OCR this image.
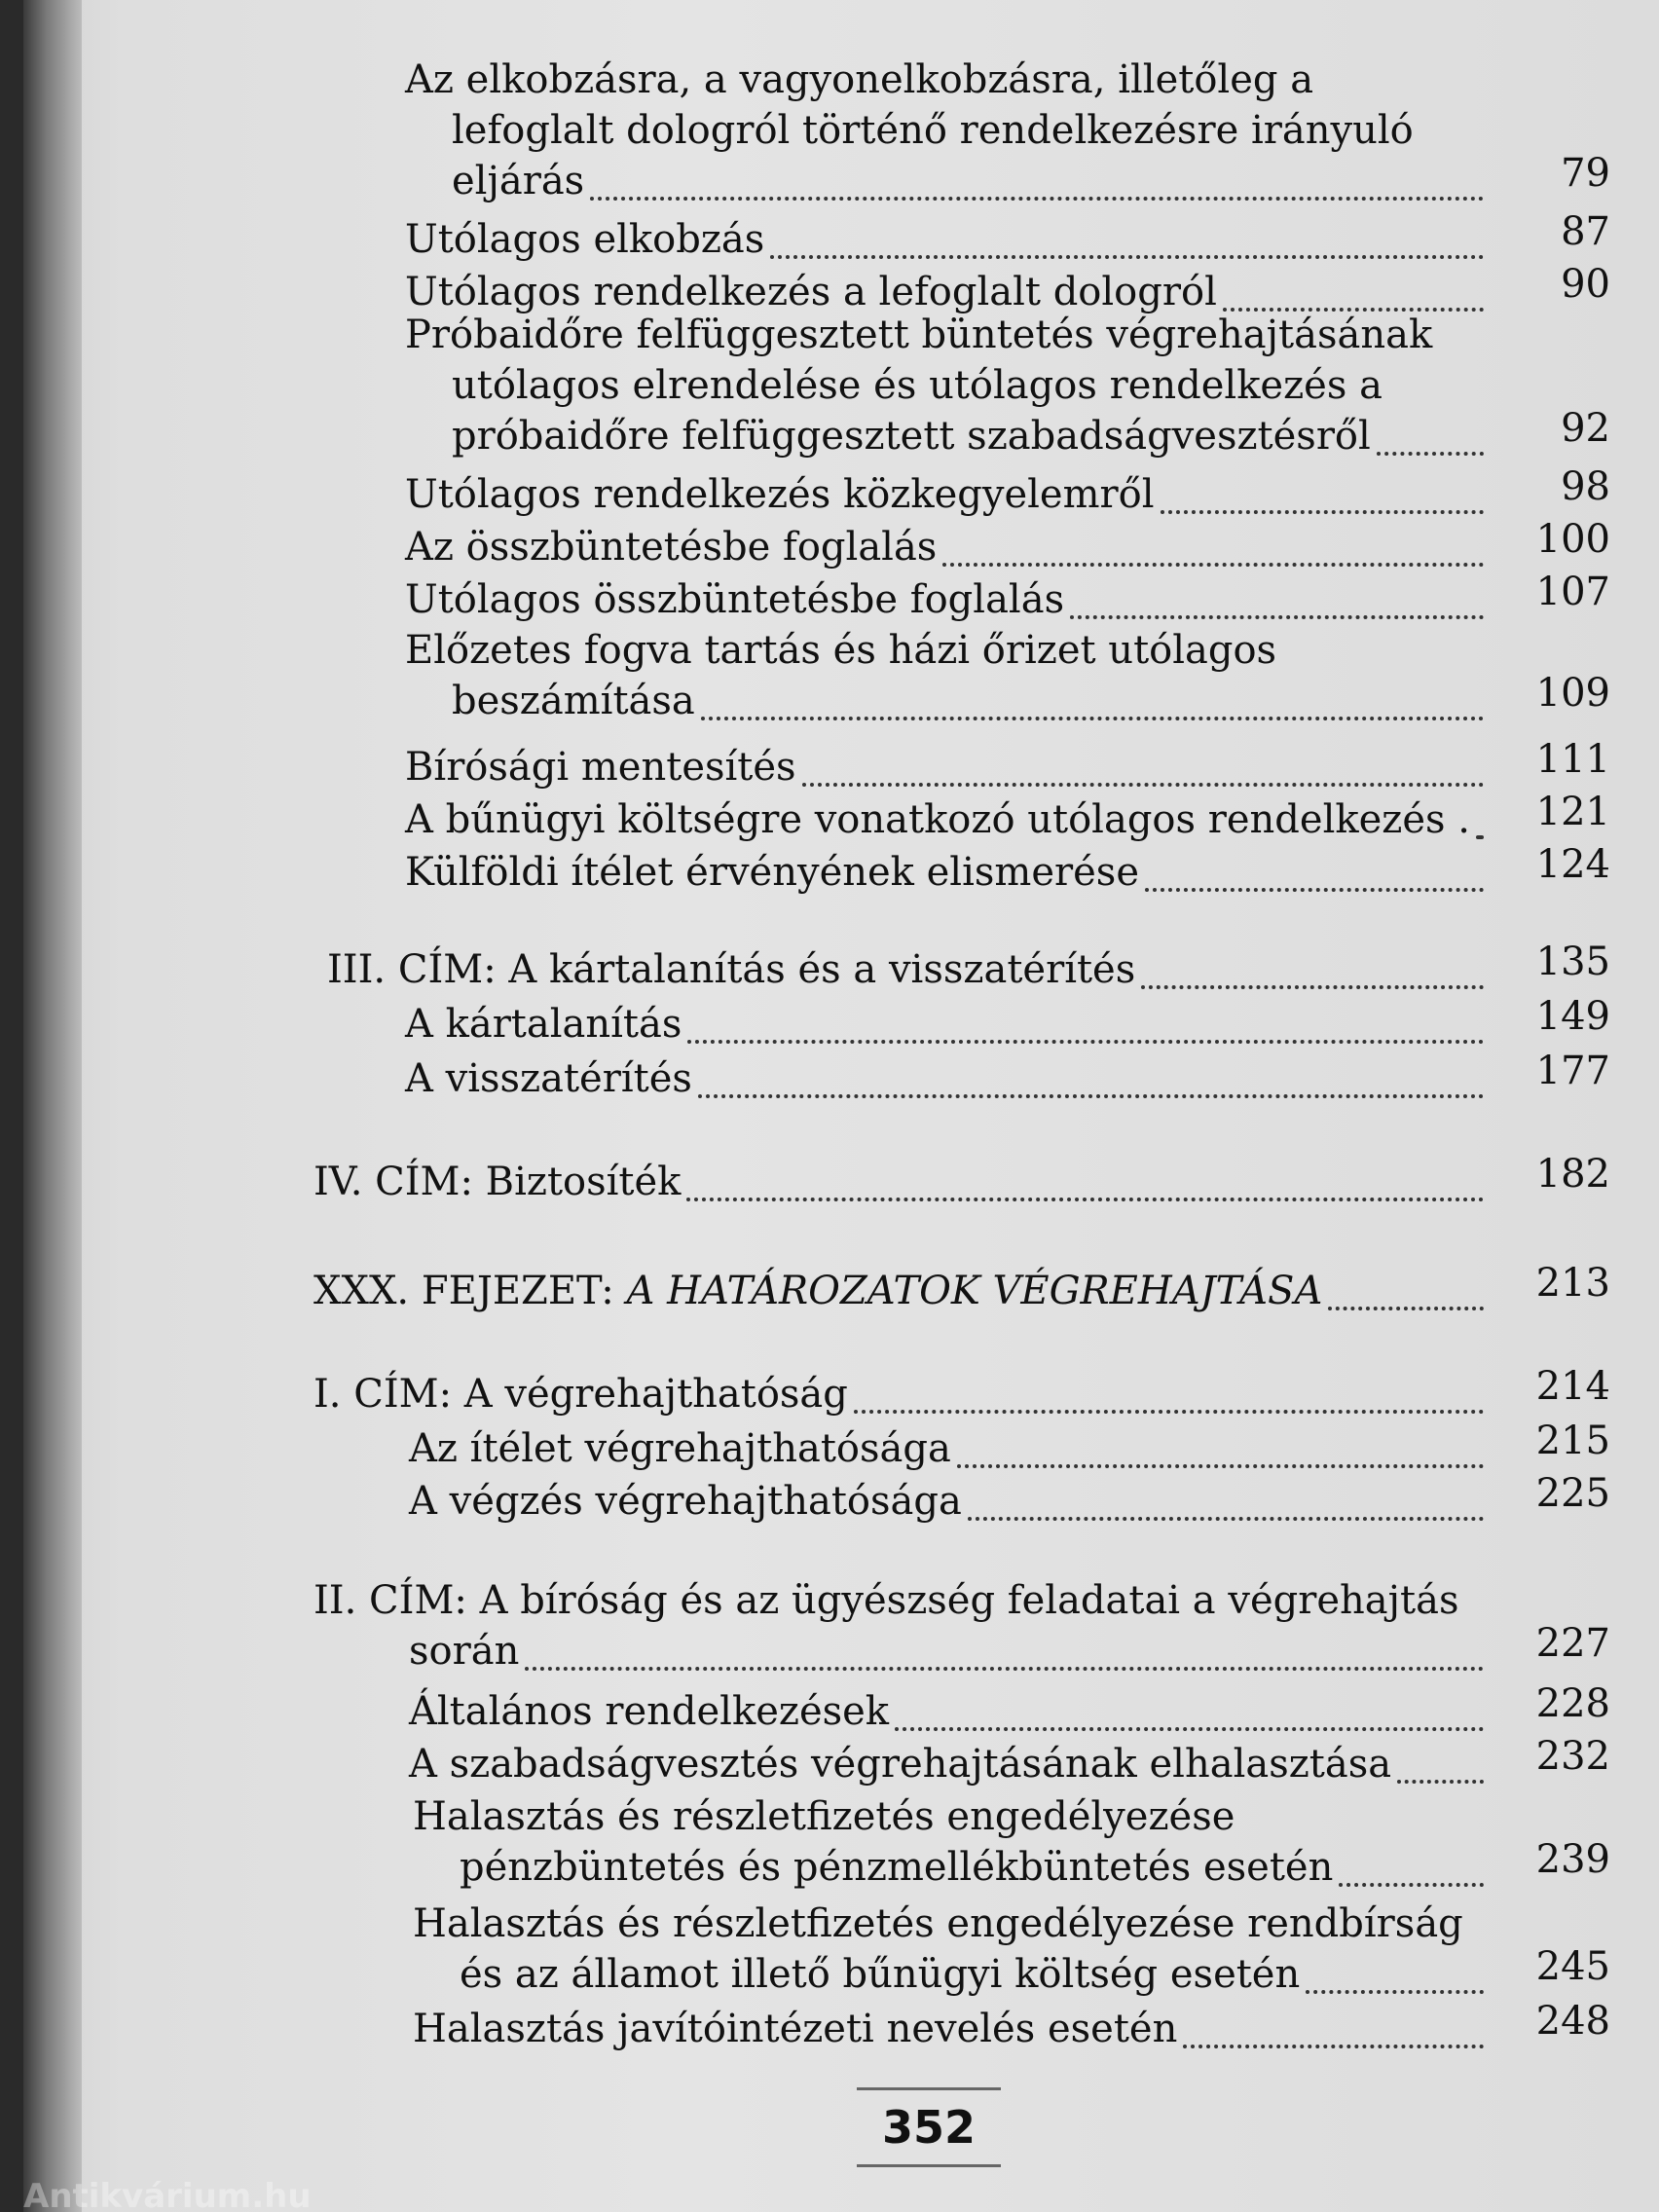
Az elkobzásra, a vagyonelkobzásra, illetőleg a
lefoglalt dologról történő rendelkezésre irányuló
eljárás	79
Utólagos elkobzás	87
Utólagos rendelkezés a lefoglalt dologról	90
Próbaidőre felfüggesztett büntetés végrehajtásának
utólagos elrendelése és utólagos rendelkezés a
próbaidőre felfüggesztett szabadságvesztésről	92
Utólagos rendelkezés közkegyelemről	98
Az összbüntetésbe foglalás	100
Utólagos összbüntetésbe foglalás	107
Előzetes fogva tartás és házi őrizet utólagos
beszámítása	109
Bírósági mentesítés	111
A bűnügyi költségre vonatkozó utólagos rendelkezés .	121
Külföldi ítélet érvényének elismerése	124
III. CÍM: A kártalanítás és a visszatérítés	135
A kártalanítás	149
A visszatérítés	177
IV. CÍM: Biztosíték	182
XXX. FEJEZET: A HATÁROZATOK VÉGREHAJTÁSA	213
I. CÍM: A végrehajthatóság	214
Az ítélet végrehajthatósága	215
A végzés végrehajthatósága	225
II. CÍM: A bíróság és az ügyészség feladatai a végrehajtás
során	227
Általános rendelkezések	228
A szabadságvesztés végrehajtásának elhalasztása	232
Halasztás és részletfizetés engedélyezése
pénzbüntetés és pénzmellékbüntetés esetén	239
Halasztás és részletfizetés engedélyezése rendbírság
és az államot illető bűnügyi költség esetén	245
Halasztás javítóintézeti nevelés esetén	248
352
Antikvárium.hu
